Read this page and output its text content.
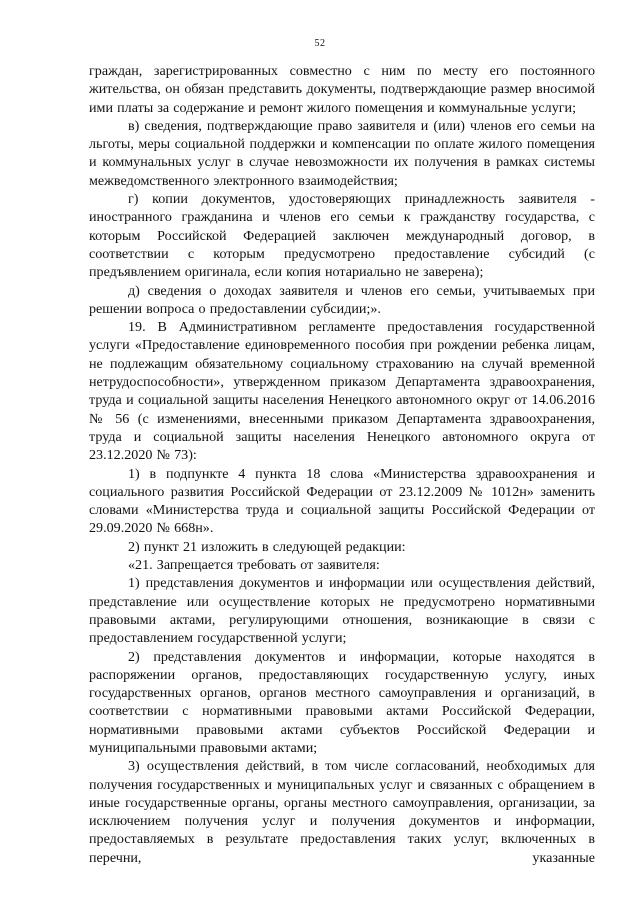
52

граждан, зарегистрированных совместно с ним по месту его постоянного жительства, он обязан представить документы, подтверждающие размер вносимой ими платы за содержание и ремонт жилого помещения и коммунальные услуги;

в) сведения, подтверждающие право заявителя и (или) членов его семьи на льготы, меры социальной поддержки и компенсации по оплате жилого помещения и коммунальных услуг в случае невозможности их получения в рамках системы межведомственного электронного взаимодействия;

г) копии документов, удостоверяющих принадлежность заявителя - иностранного гражданина и членов его семьи к гражданству государства, с которым Российской Федерацией заключен международный договор, в соответствии с которым предусмотрено предоставление субсидий (с предъявлением оригинала, если копия нотариально не заверена);

д) сведения о доходах заявителя и членов его семьи, учитываемых при решении вопроса о предоставлении субсидии;».

19. В Административном регламенте предоставления государственной услуги «Предоставление единовременного пособия при рождении ребенка лицам, не подлежащим обязательному социальному страхованию на случай временной нетрудоспособности», утвержденном приказом Департамента здравоохранения, труда и социальной защиты населения Ненецкого автономного округ от 14.06.2016 № 56 (с изменениями, внесенными приказом Департамента здравоохранения, труда и социальной защиты населения Ненецкого автономного округа от 23.12.2020 № 73):

1) в подпункте 4 пункта 18 слова «Министерства здравоохранения и социального развития Российской Федерации от 23.12.2009 № 1012н» заменить словами «Министерства труда и социальной защиты Российской Федерации от 29.09.2020 № 668н».

2) пункт 21 изложить в следующей редакции:

«21. Запрещается требовать от заявителя:

1) представления документов и информации или осуществления действий, представление или осуществление которых не предусмотрено нормативными правовыми актами, регулирующими отношения, возникающие в связи с предоставлением государственной услуги;

2) представления документов и информации, которые находятся в распоряжении органов, предоставляющих государственную услугу, иных государственных органов, органов местного самоуправления и организаций, в соответствии с нормативными правовыми актами Российской Федерации, нормативными правовыми актами субъектов Российской Федерации и муниципальными правовыми актами;

3) осуществления действий, в том числе согласований, необходимых для получения государственных и муниципальных услуг и связанных с обращением в иные государственные органы, органы местного самоуправления, организации, за исключением получения услуг и получения документов и информации, предоставляемых в результате предоставления таких услуг, включенных в перечни, указанные
